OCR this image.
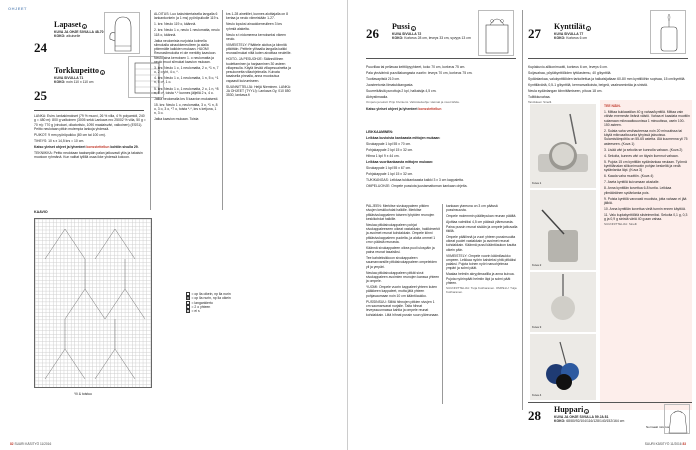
OHJEET
24
Lapaset ●
KUVA JA OHJE SIVULLA 48-70
KOKO: aikuiselle
25
Torkkupeitto ●
KUVA SIVULLA 71
KOKO: noin 110 x 110 cm

LANKA: Esim. lankakimokset (79 % muovi, 26 % villa, 4 % polyamidi, 240 g = 480 m): 800 g valkoinen (3005 sekä Lankava nro 25002 % villa, 50 g = 70 m): 770 g (vinokari, olkatoriisio, 1090 maalaisväri, valkoinen) (ESS1). Peitto neulotaan pitkin mulempia lankoja yhdessä.

PUIKOT: 9 mm pyöröpuikko (80 cm tai 100 cm).

TIHEYS: 10 s x 14,5 krs = 10 cm.

Katso yleiset ohjeet ja lyhenteet konsstettellun kohtiin sivulla 29.

TEKNIIKKA: Peitto neulotaan taaksepäin palan jatkuvasti ylös ja takaisin muotoon ryhmänä. Kun valitat tyllillä osaa ikke yhdessä kokoon.

ALOITUS: Luo kaksinkertaisella langalla 6 lankankorkein (a 1 ms) pyöröpuikolle 119 s.

1. krs: Neulo 119 o, käännä.

2. krs: Neulo 1 o, neulo 1 neulomatta, neulo 118 o, käännä.

Jatka neulomista nurjoista kolmella silmukalla ainaokkeneulleen ja alalla pitimmälle kaikkien mukaan. HUOM! Reunasilmukoita ei ole merkitty kaavioon. Neulo aina kerroksen 1. o neulomatta ja neulo muut silmukat kaavion mukaan.

3. krs: Neulo 1 o, 1 neulomatta, 2 o, *1 n, 7 o, 2 o yht, 4 o, *.

4. krs: Neulo 1 o, 1 neulomatta, 1 n, 5 o, *1 n, 5 o*, 1 o.

5. krs: Neulo 1 o, 1 neulomatta, 2 o, 1 n, *8 n, 8 o*, toista *-* kunnes jäljellä 2 s, 4 o.

Jatka neulomalla krs 5 kaavion mukaisesti.

15. krs: Neulo 1 o, neulomatta, 3 o, *1 n, 8 o, 3 o, 3 o, *7 o, toista *-*, krs s ketjuna, 1 n, 3 o.

Jatka kaavion mukaan. Toista

krs 1-28 ainetiilet, kunnes aloittajalla on 8 kertaa ja neulo viimeistään 1-27.

Neulo lopuksi ainaokkeneulleen 3 krs ryhmiä alakelta.

Neulo s:t nidomeena kerrokseksi vikeen neulo.

VIIMEISTELY: Päättele aloitus ja kiinnitä pitkittäin. Peittele ylihaalla langalla kaikki reunasilmukat niitä kuten aivoittaa neuleille.

HOITO- JA PESUOHJE: Säännöllinen tuulettaminen ja harjaaminen 30 asteen villapesulla. Käytä lievää villapesuainetta ja pesukonetta villaohjelmalla. Kuivata tasaisella pinnalla, anna muotoutua vapaasti kuivumiseen.

SUUNNITTELIJA: Heljä Nieminen. LANKA: JA OHJEET (TYYLI): Lankava Oy, 010 850 3530, lankava.fi

KAAVIO
Yli & toistuu
= op lla oikein, np lla nurin
= op lla nurin, np lla oikein
○ = langankierto
/ = 2 o yhteen
= ei s
82 SUURI KÄSITYÖ 11/2016
26 Pussi ●
KUVA SIVULLA 72
KOKO: Korkeus 28 cm, leveys 33 cm, syvyys 13 cm

Puuvillaa tai pellavaa keittiöpyyhkeet, koko 70 cm, korkeus 75 cm.

Pala yksivärinä puuvillakangasta vuoriin: leveys 70 cm, korkeus 75 cm.

Tuottavapitsiä 210 cm.

Juosteetonta liimatukikangasta.

Suurreikäisiä punottuja 2 kpl, halkaisija 4,5 cm.

Aktrystimaalia.

Ompelu ja teksti: Pirjo Kiviniemi. Valmisteluohje: Heimat ja muut lähde.

Katso yleiset ohjeet ja lyhenteet konsstettellun

LEIKKAAMINEN:

Leikkaa kuvioista kankaasta mittojen mukaan:

Sivukappale 1 kpl 55 x 70 cm.

Pohjakappale 2 kpl 15 x 32 cm.

Hihna 1 kpl 9 x 44 cm.

Leikkaa vuorikankaasta mittojen mukaan:

Sivukappale 1 kpl 55 x 67 cm.

Pohjakappale 1 kpl 15 x 32 cm.

TUKIKANGAS: Leikkaa tukikankaasta kaikki 3 x 3 cm kappaletta.

OMPELUOHJE: Ompele pussiota juustamattoman kankaan ohjeita.

PALJEEN: Merkitse sivukappaleen pitkien sivujen keskikohdat halkille. Merkitse pitkäsivukappaleen toiseen lyhyiden reunojen keskikohdat halkille.

Neulaa pitkäsivukappaleen pohjat sivukappaleeseen oikeat vastakkain, haklkimerkit ja avoimet reunat kohdakkain. Ompele kiinni pitkäsivukappaleen puolelta, ja aloita ommel 1 cm:n päästä reunasta.

Käännä sivukappaleen oikea puoli ulospäin ja paina reunat tasaisiksi.

Tee kahdeksikkoon sivukappaleen saumanvarsille pitkäsivukappaleen ompeleiden yli ja ympäri.

Neulaa pitkäsivukappaleen pitkät sivut sivukappaleen avoimien reunojen kanssa yhteen ja ompele.

YUOMI: Ompele vuorin kappaleet yhteen kuten pääkkeen kappaleet, mutta jätä yhteen pohjasaumaan noin 10 cm kääntöaukko.

PUSSINSUU: Sillitä hihnojen pitkien sivujen 1 cm saumanvarat nurjalle. Taita hihnat leveyssuunnassa kahtia ja ompele reunat kohdakkain. Liitä hihnat pussin suun yläreunaan.

kankaan ylareuna on 3 cm päässä pussinsuusta.

Ompele molemmin päällepukan reunan päältä.

Ajoittaa valmiiksi 4,5 cm päässä yläreunasta. Paina pussin reunat sisään ja ompele jatkuvalla tikillä.

Ompele pääliinnä ja vuori yhteen pussinsuulta oikeat puolet vastakkain ja avoimet reunat kohdakkain. Käännä pussi kääntöaukon kautta oikein päin.

VIIMEISTELY: Ompele vuorin kääntöaukko umpeen. Leikkaa nyörin kahdeksi yhtä pitkäksi palaksi. Pujota toinen nyöri naruohjelmaa ympäri ja solmi päät.

Maalaa helmiin akryylimaalilla ja anna kuivua. Pujota nyörinpäät helmiin läpi ja solmi päät yhteen.

SUUNNITTELIJA: Tuija Kotiharanen. OMPELU: Tuija Kotiharanen.

27 Kynttilät ●
KUVA SIVULLA 77
KOKO: Korkeus 6 cm

Kuplakuvio-silikonimuotti, korkeus 6 cm, leveys 6 cm.

Soijavahaa, pöytäkynttilöiden tyttöastemu, 40 g/kynttilä.

Sydänlankaa, valukynttilöiden tarkoitettua ja halkaisijaltaan 60-80 mm kynttilöihin sopivaa, 15 cm/kynttilä.

Kynttiläväriä, 0,5-1 g/kynttilä, kermanvalkoista, beigeä, vaaleanmintäa ja sinistä.

Neula sydänlangan kiinnittämiseen, pituus 18 cm.

Tulitikkuvahaa.

Tarvikkeet: Sinelli.

Kuva 1
Kuva 2
Kuva 3
Kuva 4

TEE NÄIN.

1. Mittaa kuklaastilan 40 g vahaa/kynttilä. Mittaa vain vähän enemmän lieänä väistö. Vahaa ei kaadata muottiin sulamaan mikroaaltouunissa 1 minuutissa, usein 100-150 asteen.

2. Sulata vaha vesihauteessa noin 20 minuutissa tai käytä mikroaaltouunia lyhyissä jaksoissa. Sulamislämpötila on 55-65 astetta. Älä kuumenna yli 75 asteeseen. (Kuva 1)

3. Lisää väri ja sekoita se kunnolla vahaan. (Kuva 2)

4. Sekoita, kunnes väri on täysin liuennut vahaan.

5. Pujota 15 cm kynttilän sydänlankaa neulaan. Työnnä kynttilänalan silikonimuotin pohjan keskeltä ja vedä sydänlanka läpi. (Kuva 3)

6. Kaada vaha muottiin. (Kuva 4)

7. Aseta kynttilä kuivumaan alustalle.

8. Anna kynttilän kovettua 6-8 tuntia. Leikkaa ylimääräinen sydänlanka pois.

9. Poista kynttilä varovasti muotista, jotta vahaan ei jää jälkiä.

10. Anna kynttilän kovettua vielä tunnin ennen käyttöä.

11. Valu kuplakynttilöitä siisteimmiksi. Sekoita 0,1 g, 0,3 g ja 0,9 g sinistä väriä 40 g:aan vahaa.

SUUNNITTELIJA: Sinelli

28 Huppari ●
KUVA JA OHJE SIVULLA 59 JA 81
KOKO: 68/80/92/104/116/128/140/152/164 cm
Normaali mitoitus
SUURI KÄSITYÖ 11/2016 83
